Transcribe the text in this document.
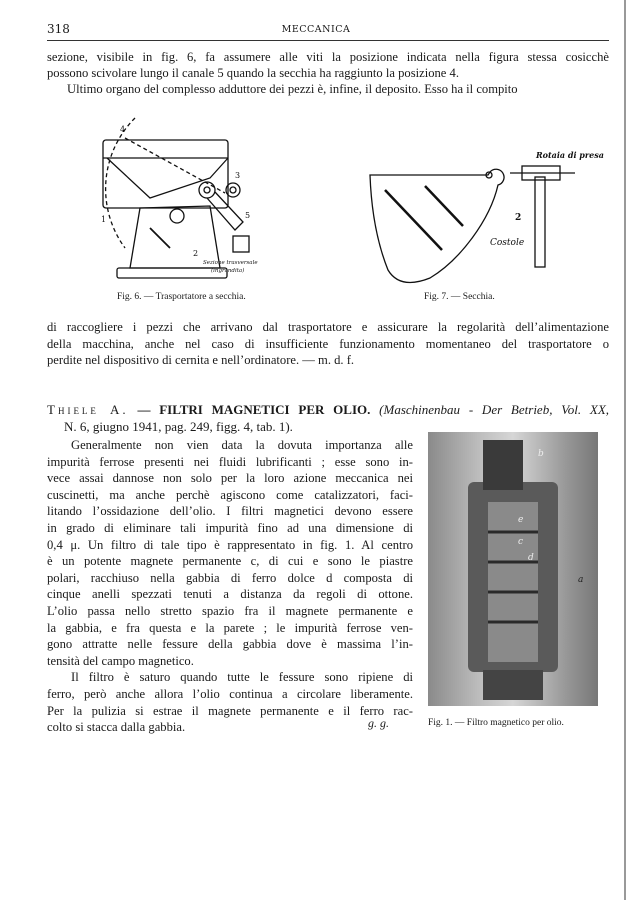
318	MECCANICA
sezione, visibile in fig. 6, fa assumere alle viti la posizione indicata nella figura stessa cosicchè
possono scivolare lungo il canale 5 quando la secchia ha raggiunto la posizione 4.
Ultimo organo del complesso adduttore dei pezzi è, infine, il deposito. Esso ha il compito
4
3
5
1
2
Sezione trasversale
(ingrandita)
Fig. 6. — Trasportatore a secchia.
Rotaia di presa
2
Costole
Fig. 7. — Secchia.
di raccogliere i pezzi che arrivano dal trasportatore e assicurare la regolarità dell’alimentazione
della macchina, anche nel caso di insufficiente funzionamento momentaneo del trasportatore o
perdite nel dispositivo di cernita e nell’ordinatore. — m. d. f.
Thiele A. — FILTRI MAGNETICI PER OLIO. (Maschinenbau - Der Betrieb, Vol. XX,
N. 6, giugno 1941, pag. 249, figg. 4, tab. 1).
Generalmente non vien data la dovuta importanza alle
impurità ferrose presenti nei fluidi lubrificanti ; esse sono in-
vece assai dannose non solo per la loro azione meccanica nei
cuscinetti, ma anche perchè agiscono come catalizzatori, faci-
litando l’ossidazione dell’olio. I filtri magnetici devono essere
in grado di eliminare tali impurità fino ad una dimensione di
0,4 μ. Un filtro di tale tipo è rappresentato in fig. 1. Al centro
è un potente magnete permanente c, di cui e sono le piastre
polari, racchiuso nella gabbia di ferro dolce d composta di
cinque anelli spezzati tenuti a distanza da regoli di ottone.
L’olio passa nello stretto spazio fra il magnete permanente e
la gabbia, e fra questa e la parete ; le impurità ferrose ven-
gono attratte nelle fessure della gabbia dove è massima l’in-
tensità del campo magnetico.
Il filtro è saturo quando tutte le fessure sono ripiene di
ferro, però anche allora l’olio continua a circolare liberamente.
Per la pulizia si estrae il magnete permanente e il ferro rac-
colto si stacca dalla gabbia.
b
e
c
d
a
g. g.	Fig. 1. — Filtro magnetico per olio.
